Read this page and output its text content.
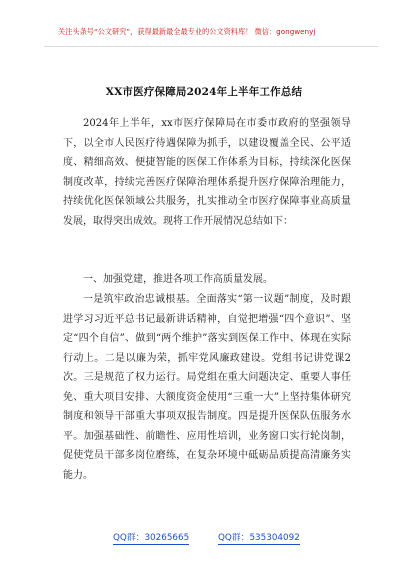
关注头条号“公文研究”，获得最新最全最专业的公文资料库！ 微信：gongwenyj
XX市医疗保障局2024年上半年工作总结

2024年上半年，xx市医疗保障局在市委市政府的坚强领导下，以全市人民医疗待遇保障为抓手，以建设覆盖全民、公平适度、精细高效、便捷智能的医保工作体系为目标，持续深化医保制度改革，持续完善医疗保障治理体系提升医疗保障治理能力，持续优化医保领域公共服务，扎实推动全市医疗保障事业高质量发展，取得突出成效。现将工作开展情况总结如下：

一、加强党建，推进各项工作高质量发展。

一是筑牢政治忠诚根基。全面落实“第一议题”制度，及时跟进学习习近平总书记最新讲话精神，自觉把增强“四个意识”、坚定“四个自信”、做到“两个维护”落实到医保工作中、体现在实际行动上。二是以廉为荣，抓牢党风廉政建设。党组书记讲党课2次。三是规范了权力运行。局党组在重大问题决定、重要人事任免、重大项目安排、大额度资金使用“三重一大”上坚持集体研究制度和领导干部重大事项双报告制度。四是提升医保队伍服务水平。加强基础性、前瞻性、应用性培训，业务窗口实行轮岗制，促使党员干部多岗位磨练，在复杂环境中砥砺品质提高清廉务实能力。

QQ群：30265665	QQ群：535304092
